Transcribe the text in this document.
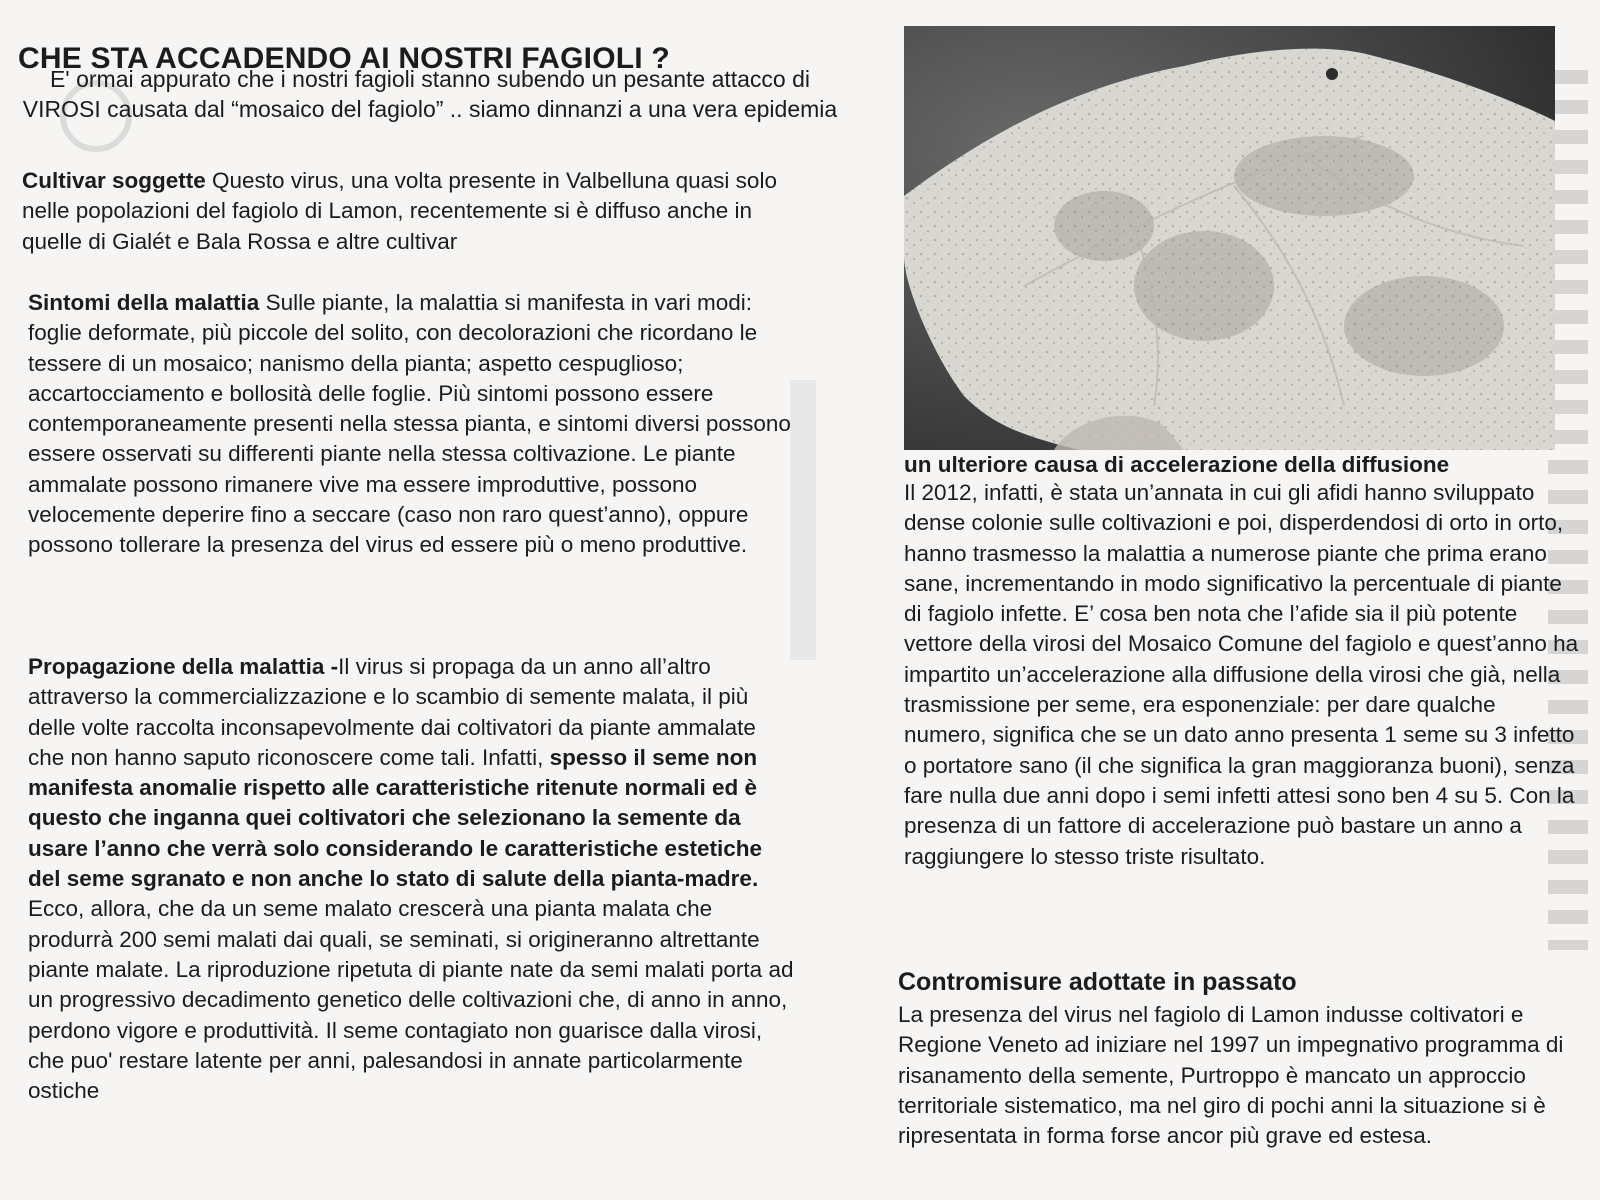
CHE STA ACCADENDO AI NOSTRI FAGIOLI ?
E' ormai appurato che i nostri fagioli stanno subendo un pesante attacco di VIROSI causata dal “mosaico del fagiolo” .. siamo dinnanzi a una vera epidemia
Cultivar soggette Questo virus, una volta presente in Valbelluna quasi solo nelle popolazioni del fagiolo di Lamon, recentemente si è diffuso anche in quelle di Gialét e Bala Rossa e altre cultivar
Sintomi della malattia Sulle piante, la malattia si manifesta in vari modi: foglie deformate, più piccole del solito, con decolorazioni che ricordano le tessere di un mosaico; nanismo della pianta; aspetto cespuglioso; accartocciamento e bollosità delle foglie. Più sintomi possono essere contemporaneamente presenti nella stessa pianta, e sintomi diversi possono essere osservati su differenti piante nella stessa coltivazione. Le piante ammalate possono rimanere vive ma essere improduttive, possono velocemente deperire fino a seccare (caso non raro quest’anno), oppure possono tollerare la presenza del virus ed essere più o meno produttive.
Propagazione della malattia -Il virus si propaga da un anno all’altro attraverso la commercializzazione e lo scambio di semente malata, il più delle volte raccolta inconsapevolmente dai coltivatori da piante ammalate che non hanno saputo riconoscere come tali. Infatti, spesso il seme non manifesta anomalie rispetto alle caratteristiche ritenute normali ed è questo che inganna quei coltivatori che selezionano la semente da usare l’anno che verrà solo considerando le caratteristiche estetiche del seme sgranato e non anche lo stato di salute della pianta-madre. Ecco, allora, che da un seme malato crescerà una pianta malata che produrrà 200 semi malati dai quali, se seminati, si origineranno altrettante piante malate. La riproduzione ripetuta di piante nate da semi malati porta ad un progressivo decadimento genetico delle coltivazioni che, di anno in anno, perdono vigore e produttività. Il seme contagiato non guarisce dalla virosi, che puo' restare latente per anni, palesandosi in annate particolarmente ostiche
un ulteriore causa di accelerazione della diffusione
Il 2012, infatti, è stata un’annata in cui gli afidi hanno sviluppato dense colonie sulle coltivazioni e poi, disperdendosi di orto in orto, hanno trasmesso la malattia a numerose piante che prima erano sane, incrementando in modo significativo la percentuale di piante di fagiolo infette. E’ cosa ben nota che l’afide sia il più potente vettore della virosi del Mosaico Comune del fagiolo e quest’anno ha impartito un’accelerazione alla diffusione della virosi che già, nella trasmissione per seme, era esponenziale: per dare qualche numero, significa che se un dato anno presenta 1 seme su 3 infetto o portatore sano (il che significa la gran maggioranza buoni), senza fare nulla due anni dopo i semi infetti attesi sono ben 4 su 5. Con la presenza di un fattore di accelerazione può bastare un anno a raggiungere lo stesso triste risultato.
Contromisure adottate in passato
La presenza del virus nel fagiolo di Lamon indusse coltivatori e Regione Veneto ad iniziare nel 1997 un impegnativo programma di risanamento della semente, Purtroppo è mancato un approccio territoriale sistematico, ma nel giro di pochi anni la situazione si è ripresentata in forma forse ancor più grave ed estesa.
